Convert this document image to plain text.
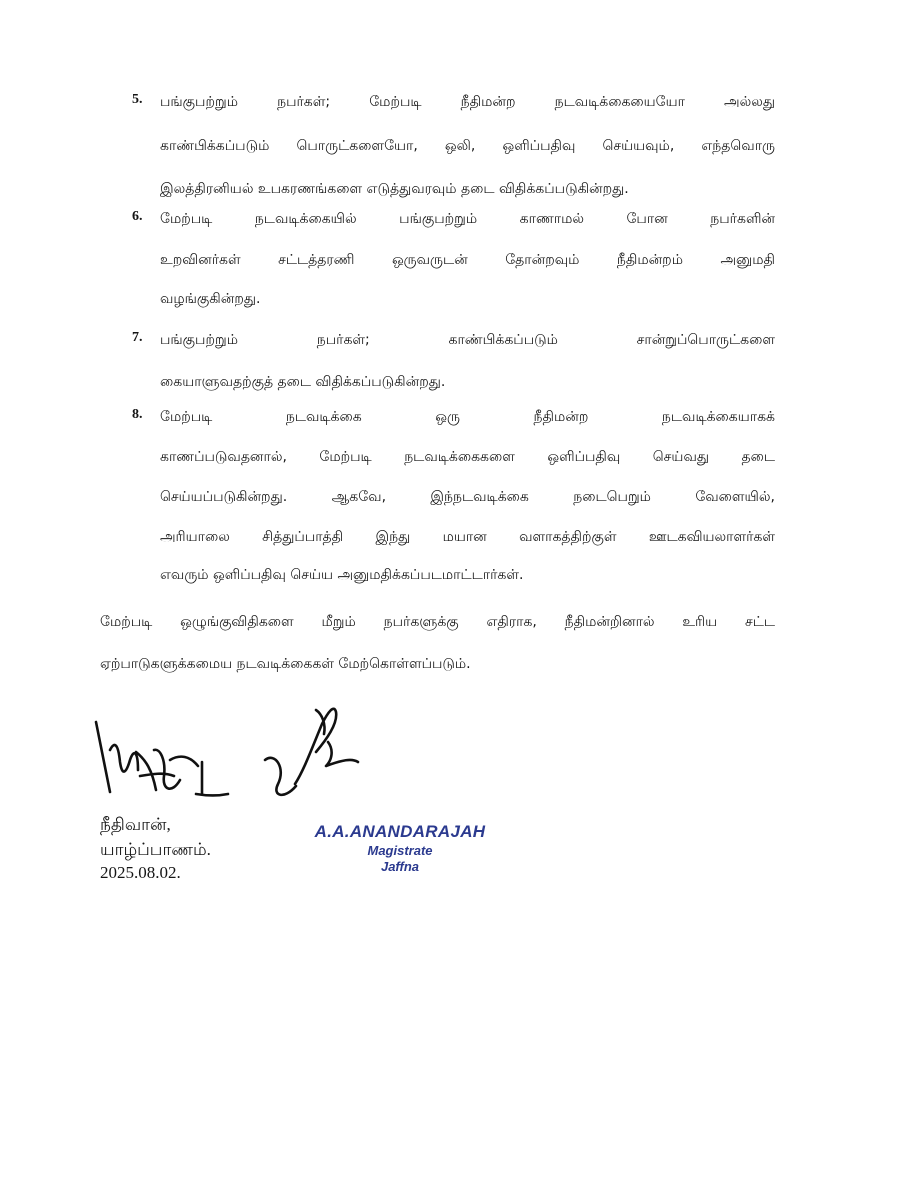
5. பங்குபற்றும் நபர்கள்; மேற்படி நீதிமன்ற நடவடிக்கையையோ அல்லது
காண்பிக்கப்படும் பொருட்களையோ, ஒலி, ஒளிப்பதிவு செய்யவும், எந்தவொரு
இலத்திரனியல் உபகரணங்களை எடுத்துவரவும் தடை விதிக்கப்படுகின்றது.
6. மேற்படி நடவடிக்கையில் பங்குபற்றும் காணாமல் போன நபர்களின்
உறவினர்கள் சட்டத்தரணி ஒருவருடன் தோன்றவும் நீதிமன்றம் அனுமதி
வழங்குகின்றது.
7. பங்குபற்றும் நபர்கள்; காண்பிக்கப்படும் சான்றுப்பொருட்களை
கையாளுவதற்குத் தடை விதிக்கப்படுகின்றது.
8. மேற்படி நடவடிக்கை ஒரு நீதிமன்ற நடவடிக்கையாகக்
காணப்படுவதனால், மேற்படி நடவடிக்கைகளை ஒளிப்பதிவு செய்வது தடை
செய்யப்படுகின்றது. ஆகவே, இந்நடவடிக்கை நடைபெறும் வேளையில்,
அரியாலை சித்துப்பாத்தி இந்து மயான வளாகத்திற்குள் ஊடகவியலாளர்கள்
எவரும் ஒளிப்பதிவு செய்ய அனுமதிக்கப்படமாட்டார்கள்.
மேற்படி ஒழுங்குவிதிகளை மீறும் நபர்களுக்கு எதிராக, நீதிமன்றினால் உரிய சட்ட
ஏற்பாடுகளுக்கமைய நடவடிக்கைகள் மேற்கொள்ளப்படும்.
நீதிவான்,
யாழ்ப்பாணம்.
2025.08.02.
A.A.ANANDARAJAH
Magistrate
Jaffna
